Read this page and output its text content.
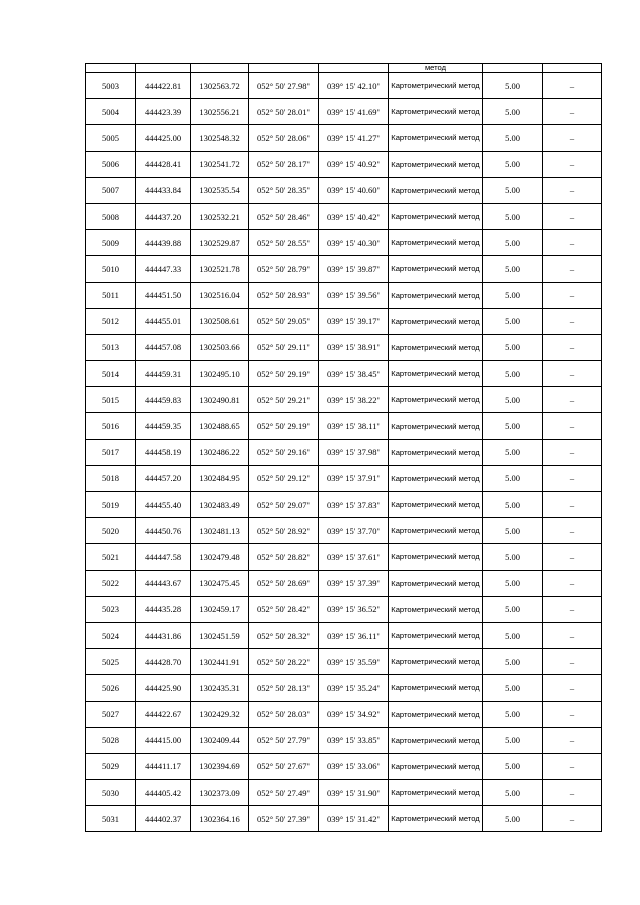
					метод		
5003	444422.81	1302563.72	052° 50' 27.98"	039° 15' 42.10"	Картометрический метод	5.00	–
5004	444423.39	1302556.21	052° 50' 28.01"	039° 15' 41.69"	Картометрический метод	5.00	–
5005	444425.00	1302548.32	052° 50' 28.06"	039° 15' 41.27"	Картометрический метод	5.00	–
5006	444428.41	1302541.72	052° 50' 28.17"	039° 15' 40.92"	Картометрический метод	5.00	–
5007	444433.84	1302535.54	052° 50' 28.35"	039° 15' 40.60"	Картометрический метод	5.00	–
5008	444437.20	1302532.21	052° 50' 28.46"	039° 15' 40.42"	Картометрический метод	5.00	–
5009	444439.88	1302529.87	052° 50' 28.55"	039° 15' 40.30"	Картометрический метод	5.00	–
5010	444447.33	1302521.78	052° 50' 28.79"	039° 15' 39.87"	Картометрический метод	5.00	–
5011	444451.50	1302516.04	052° 50' 28.93"	039° 15' 39.56"	Картометрический метод	5.00	–
5012	444455.01	1302508.61	052° 50' 29.05"	039° 15' 39.17"	Картометрический метод	5.00	–
5013	444457.08	1302503.66	052° 50' 29.11"	039° 15' 38.91"	Картометрический метод	5.00	–
5014	444459.31	1302495.10	052° 50' 29.19"	039° 15' 38.45"	Картометрический метод	5.00	–
5015	444459.83	1302490.81	052° 50' 29.21"	039° 15' 38.22"	Картометрический метод	5.00	–
5016	444459.35	1302488.65	052° 50' 29.19"	039° 15' 38.11"	Картометрический метод	5.00	–
5017	444458.19	1302486.22	052° 50' 29.16"	039° 15' 37.98"	Картометрический метод	5.00	–
5018	444457.20	1302484.95	052° 50' 29.12"	039° 15' 37.91"	Картометрический метод	5.00	–
5019	444455.40	1302483.49	052° 50' 29.07"	039° 15' 37.83"	Картометрический метод	5.00	–
5020	444450.76	1302481.13	052° 50' 28.92"	039° 15' 37.70"	Картометрический метод	5.00	–
5021	444447.58	1302479.48	052° 50' 28.82"	039° 15' 37.61"	Картометрический метод	5.00	–
5022	444443.67	1302475.45	052° 50' 28.69"	039° 15' 37.39"	Картометрический метод	5.00	–
5023	444435.28	1302459.17	052° 50' 28.42"	039° 15' 36.52"	Картометрический метод	5.00	–
5024	444431.86	1302451.59	052° 50' 28.32"	039° 15' 36.11"	Картометрический метод	5.00	–
5025	444428.70	1302441.91	052° 50' 28.22"	039° 15' 35.59"	Картометрический метод	5.00	–
5026	444425.90	1302435.31	052° 50' 28.13"	039° 15' 35.24"	Картометрический метод	5.00	–
5027	444422.67	1302429.32	052° 50' 28.03"	039° 15' 34.92"	Картометрический метод	5.00	–
5028	444415.00	1302409.44	052° 50' 27.79"	039° 15' 33.85"	Картометрический метод	5.00	–
5029	444411.17	1302394.69	052° 50' 27.67"	039° 15' 33.06"	Картометрический метод	5.00	–
5030	444405.42	1302373.09	052° 50' 27.49"	039° 15' 31.90"	Картометрический метод	5.00	–
5031	444402.37	1302364.16	052° 50' 27.39"	039° 15' 31.42"	Картометрический метод	5.00	–
